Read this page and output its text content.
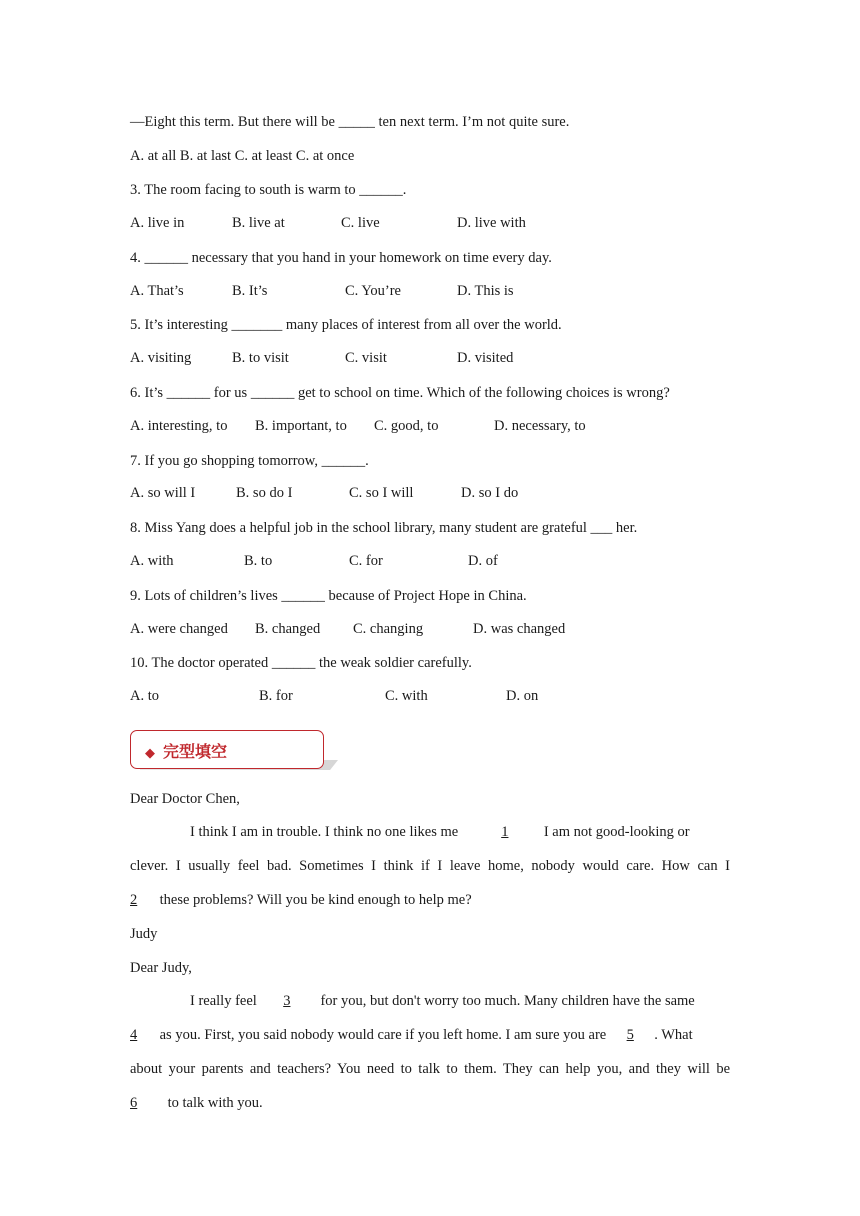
—Eight this term. But there will be _____ ten next term. I’m not quite sure.
A. at all B. at last C. at least C. at once
3. The room facing to south is warm to ______.
A. live in	B. live at	C. live	D. live with
4. ______ necessary that you hand in your homework on time every day.
A. That’s	B. It’s	C. You’re	D. This is
5. It’s interesting _______ many places of interest from all over the world.
A. visiting	B. to visit	C. visit	D. visited
6. It’s ______ for us ______ get to school on time. Which of the following choices is wrong?
A. interesting, to B. important, to C. good, to	D. necessary, to
7. If you go shopping tomorrow, ______.
A. so will I	B. so do I	C. so I will	D. so I do
8. Miss Yang does a helpful job in the school library, many student are grateful ___ her.
A. with	B. to	C. for	D. of
9. Lots of children’s lives ______ because of Project Hope in China.
A. were changed B. changed C. changing	D. was changed
10. The doctor operated ______ the weak soldier carefully.
A. to	B. for	C. with	D. on
◆ 完型填空
Dear Doctor Chen,
I think I am in trouble. I think no one likes me	1 I am not good-looking or
clever. I usually feel bad. Sometimes I think if I leave home, nobody would care. How can I
2 these problems? Will you be kind enough to help me?
Judy
Dear Judy,
I really feel 3 for you, but don't worry too much. Many children have the same
4 as you. First, you said nobody would care if you left home. I am sure you are 5 . What
about your parents and teachers? You need to talk to them. They can help you, and they will be
6 to talk with you.
